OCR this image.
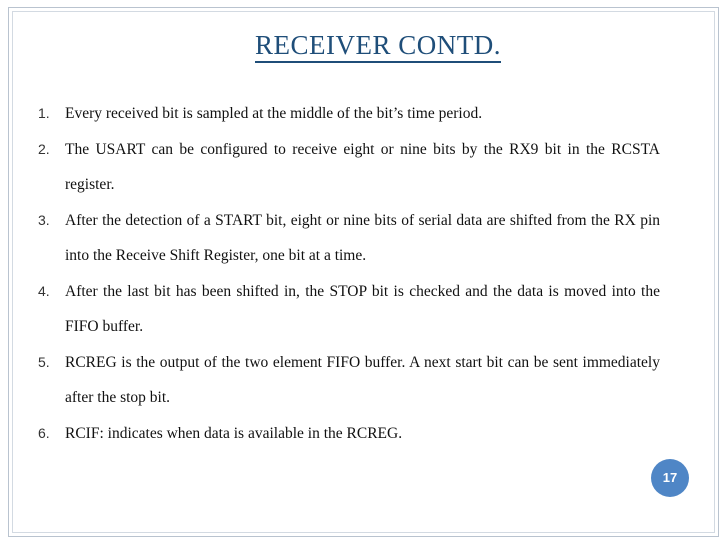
RECEIVER CONTD.
1. Every received bit is sampled at the middle of the bit’s time period.
2. The USART can be configured to receive eight or nine bits by the RX9 bit in the RCSTA register.
3. After the detection of a START bit, eight or nine bits of serial data are shifted from the RX pin into the Receive Shift Register, one bit at a time.
4. After the last bit has been shifted in, the STOP bit is checked and the data is moved into the FIFO buffer.
5. RCREG is the output of the two element FIFO buffer. A next start bit can be sent immediately after the stop bit.
6. RCIF: indicates when data is available in the RCREG.
17
